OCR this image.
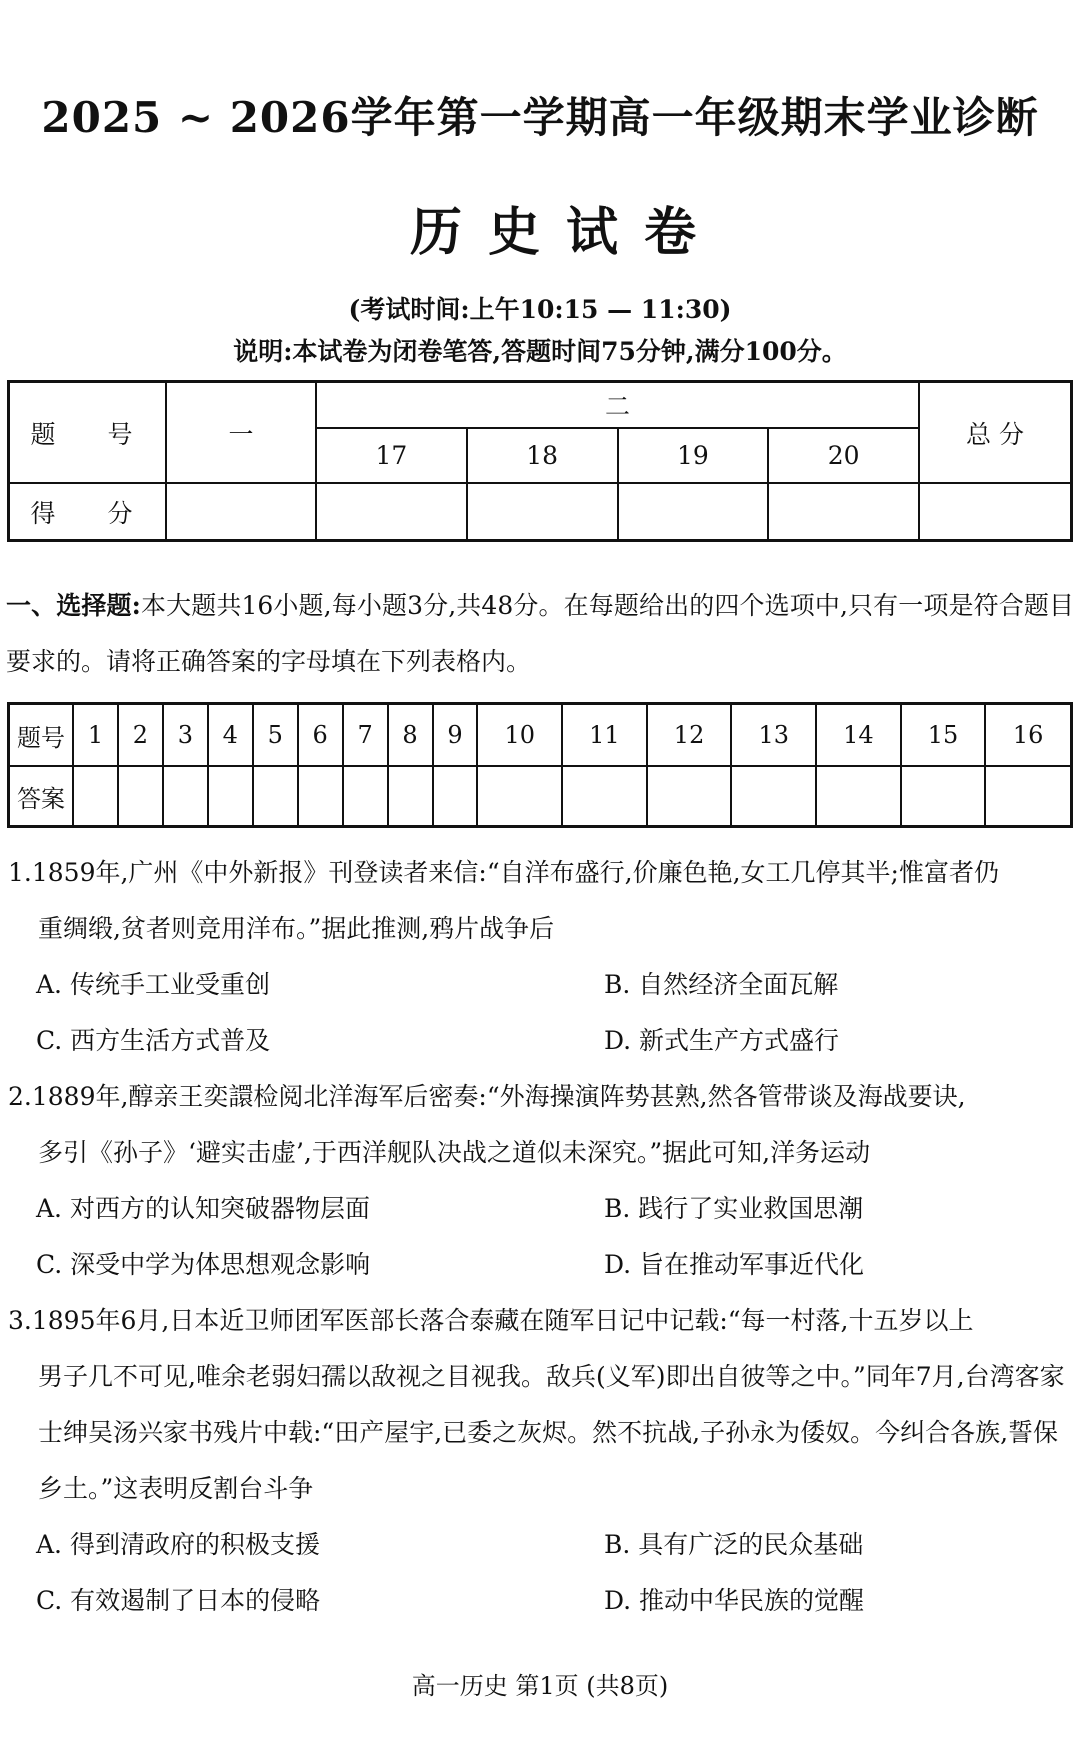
2025 ~ 2026学年第一学期高一年级期末学业诊断
历史试卷
(考试时间:上午10:15 — 11:30)
说明:本试卷为闭卷笔答,答题时间75分钟,满分100分。
题 号	一	二				总 分
		17	18	19	20	
得 分						
一、选择题:本大题共16小题,每小题3分,共48分。在每题给出的四个选项中,只有一项是符合题目要求的。请将正确答案的字母填在下列表格内。
题号	1	2	3	4	5	6	7	8	9	10	11	12	13	14	15	16
答案																

1.1859年,广州《中外新报》刊登读者来信:“自洋布盛行,价廉色艳,女工几停其半;惟富者仍
重绸缎,贫者则竞用洋布。”据此推测,鸦片战争后

A. 传统手工业受重创	B. 自然经济全面瓦解
C. 西方生活方式普及	D. 新式生产方式盛行

2.1889年,醇亲王奕譞检阅北洋海军后密奏:“外海操演阵势甚熟,然各管带谈及海战要诀,
多引《孙子》‘避实击虚’,于西洋舰队决战之道似未深究。”据此可知,洋务运动

A. 对西方的认知突破器物层面	B. 践行了实业救国思潮
C. 深受中学为体思想观念影响	D. 旨在推动军事近代化

3.1895年6月,日本近卫师团军医部长落合泰藏在随军日记中记载:“每一村落,十五岁以上
男子几不可见,唯余老弱妇孺以敌视之目视我。敌兵(义军)即出自彼等之中。”同年7月,台湾客家士绅吴汤兴家书残片中载:“田产屋宇,已委之灰烬。然不抗战,子孙永为倭奴。今纠合各族,誓保乡土。”这表明反割台斗争

A. 得到清政府的积极支援	B. 具有广泛的民众基础
C. 有效遏制了日本的侵略	D. 推动中华民族的觉醒
高一历史 第1页 (共8页)
